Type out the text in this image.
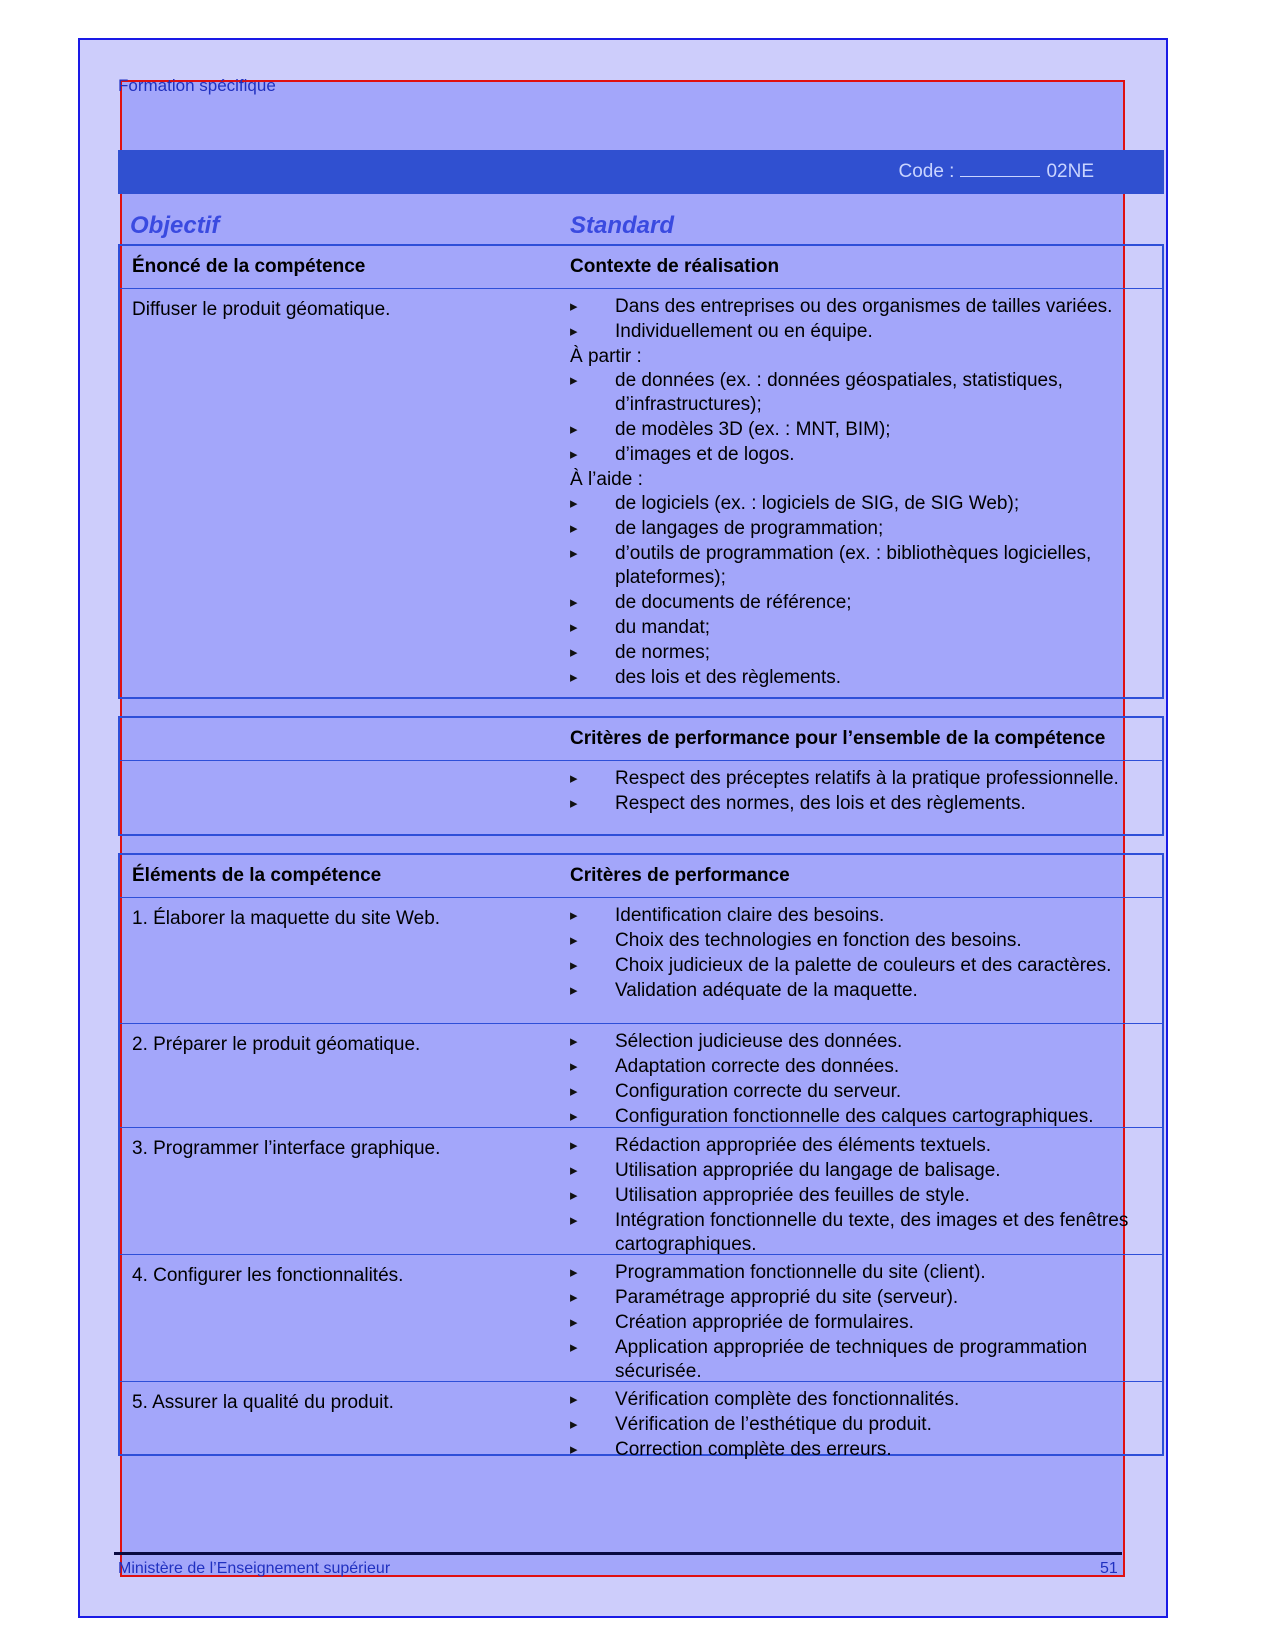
Formation spécifique
Code :	02NE
Objectif	Standard
Énoncé de la compétence	Contexte de réalisation
Diffuser le produit géomatique.	▸ Dans des entreprises ou des organismes de tailles variées.
▸ Individuellement ou en équipe.
À partir :
▸ de données (ex. : données géospatiales, statistiques, d’infrastructures);
▸ de modèles 3D (ex. : MNT, BIM);
▸ d’images et de logos.
À l’aide :
▸ de logiciels (ex. : logiciels de SIG, de SIG Web);
▸ de langages de programmation;
▸ d’outils de programmation (ex. : bibliothèques logicielles, plateformes);
▸ de documents de référence;
▸ du mandat;
▸ de normes;
▸ des lois et des règlements.
Critères de performance pour l’ensemble de la compétence
▸ Respect des préceptes relatifs à la pratique professionnelle.
▸ Respect des normes, des lois et des règlements.
Éléments de la compétence	Critères de performance
1. Élaborer la maquette du site Web.	▸ Identification claire des besoins.
▸ Choix des technologies en fonction des besoins.
▸ Choix judicieux de la palette de couleurs et des caractères.
▸ Validation adéquate de la maquette.
2. Préparer le produit géomatique.	▸ Sélection judicieuse des données.
▸ Adaptation correcte des données.
▸ Configuration correcte du serveur.
▸ Configuration fonctionnelle des calques cartographiques.
3. Programmer l’interface graphique.	▸ Rédaction appropriée des éléments textuels.
▸ Utilisation appropriée du langage de balisage.
▸ Utilisation appropriée des feuilles de style.
▸ Intégration fonctionnelle du texte, des images et des fenêtres cartographiques.
4. Configurer les fonctionnalités.	▸ Programmation fonctionnelle du site (client).
▸ Paramétrage approprié du site (serveur).
▸ Création appropriée de formulaires.
▸ Application appropriée de techniques de programmation sécurisée.
5. Assurer la qualité du produit.	▸ Vérification complète des fonctionnalités.
▸ Vérification de l’esthétique du produit.
▸ Correction complète des erreurs.
Ministère de l’Enseignement supérieur	51
